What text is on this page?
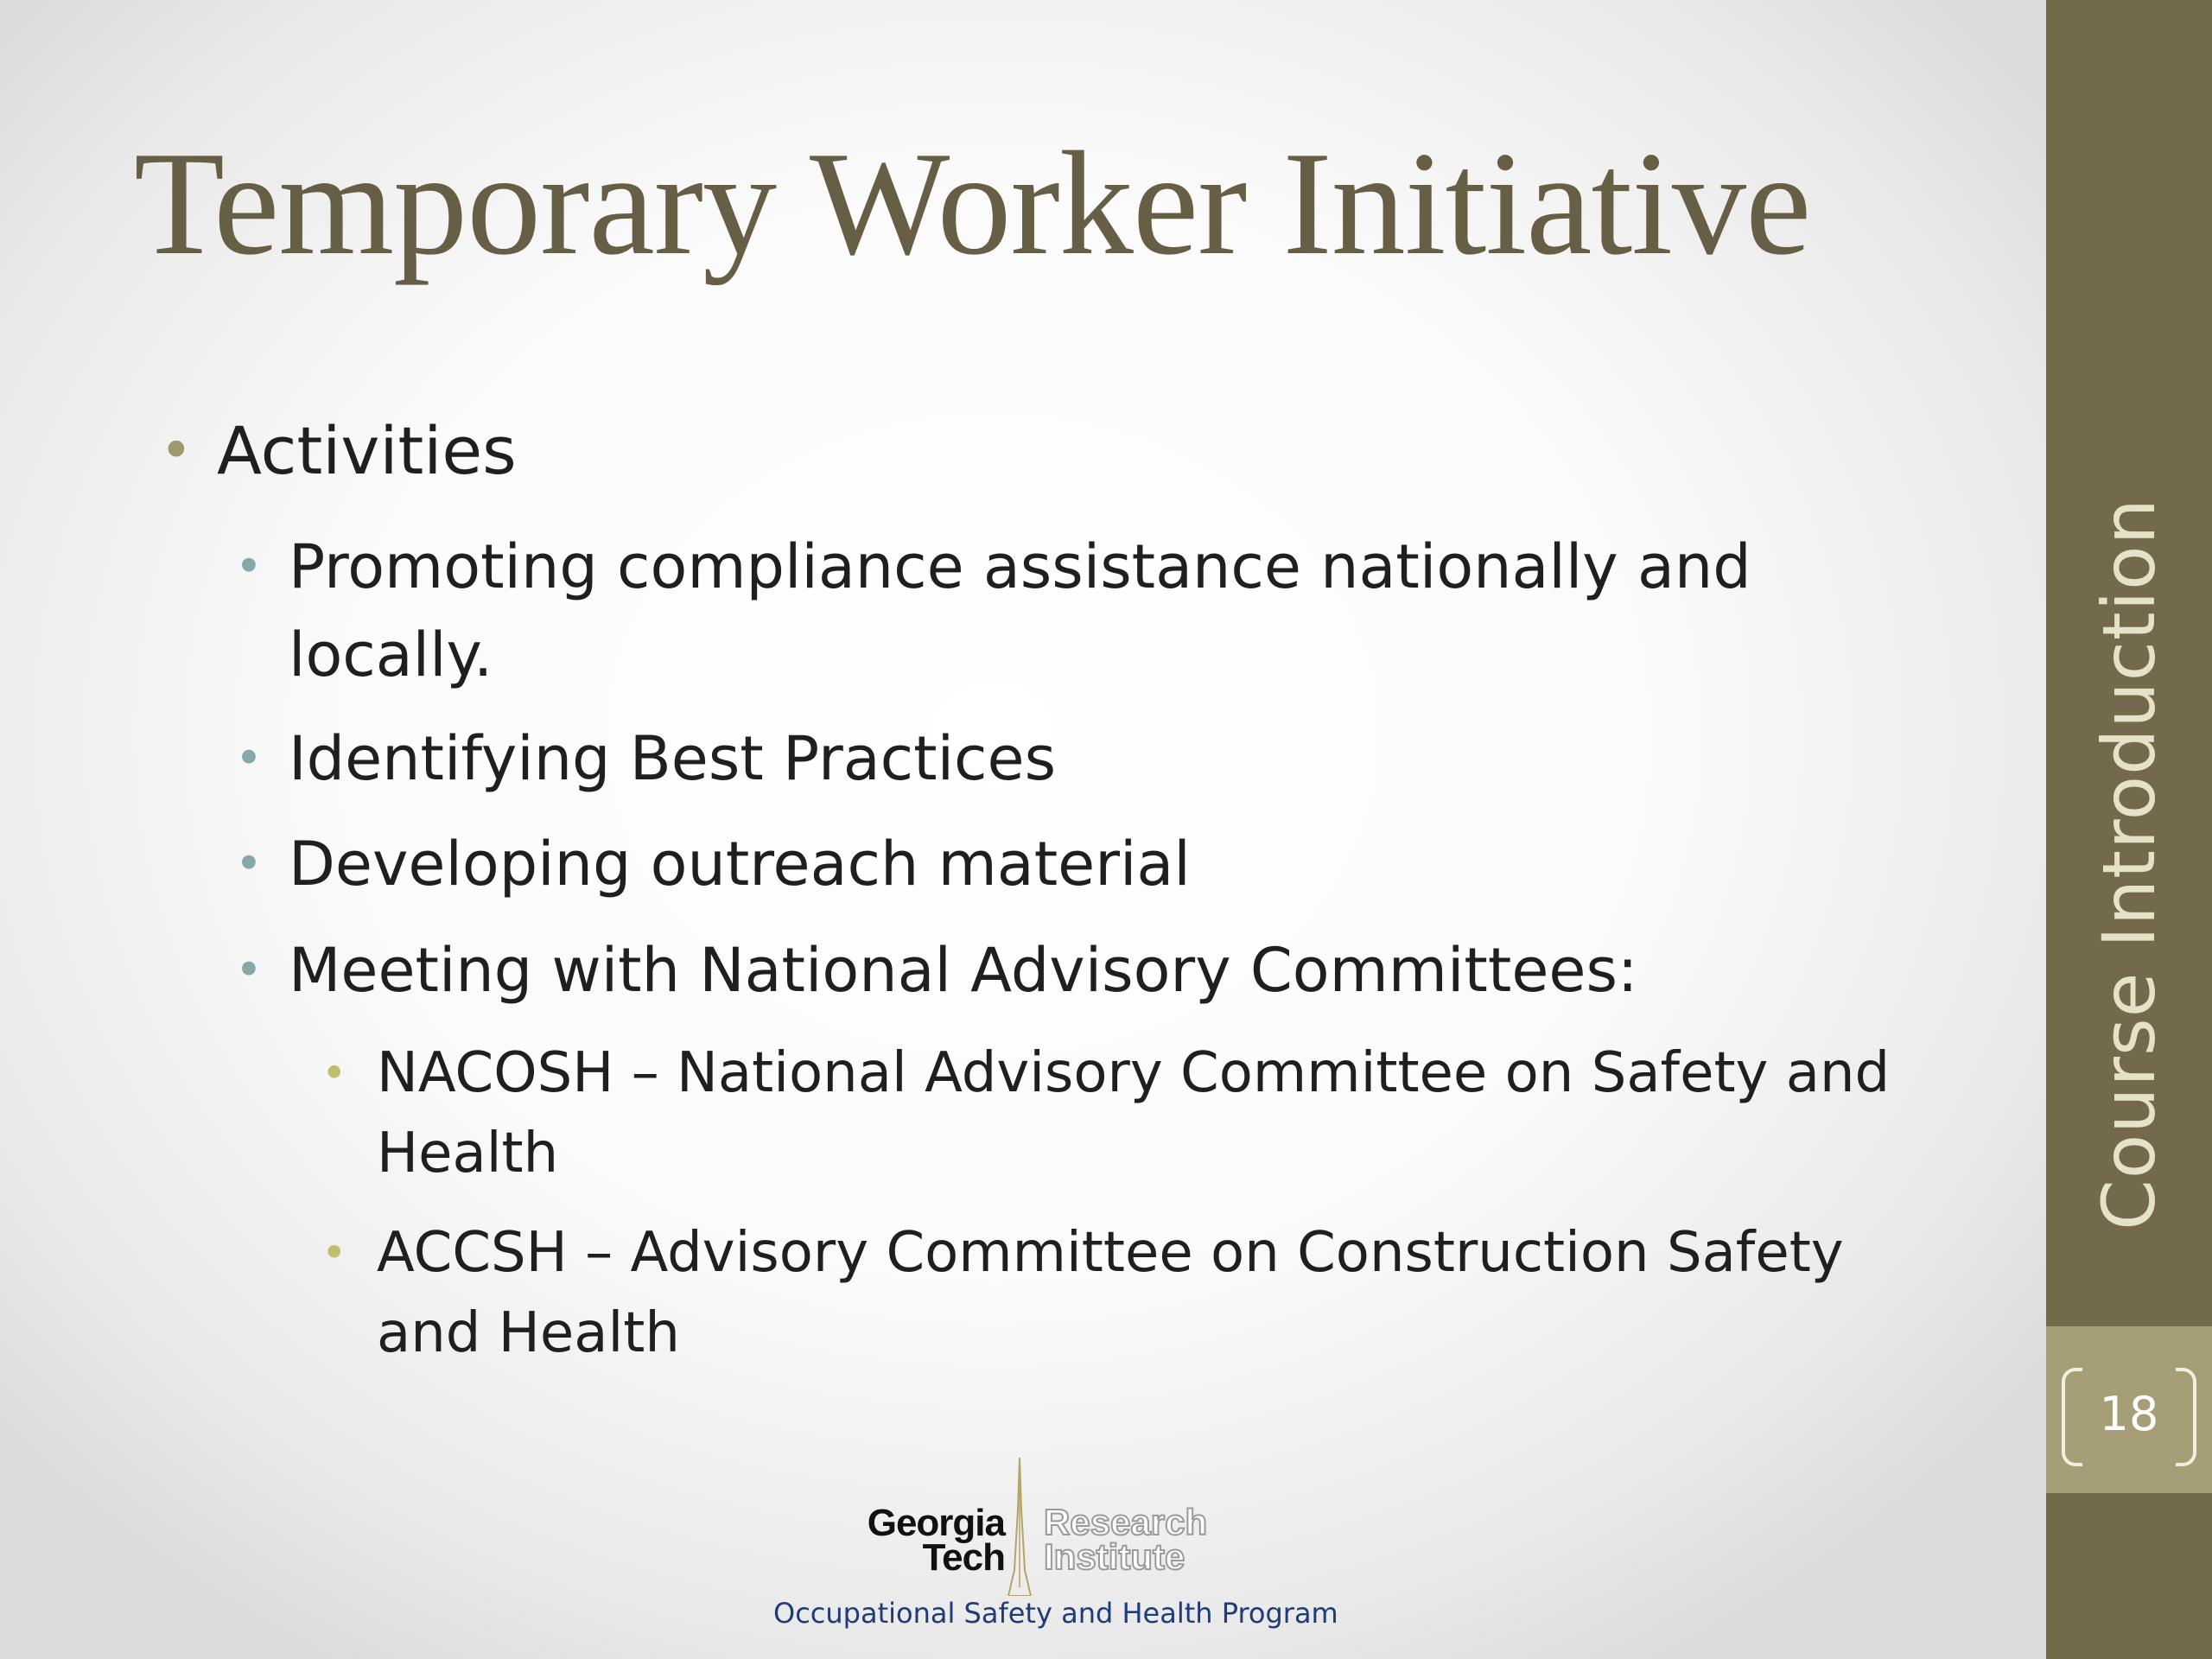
Temporary Worker Initiative
• Activities
• Promoting compliance assistance nationally and
locally.
• Identifying Best Practices
• Developing outreach material
• Meeting with National Advisory Committees:
• NACOSH – National Advisory Committee on Safety and
Health
• ACCSH – Advisory Committee on Construction Safety
and Health
Course Introduction
18
Georgia
Tech
Research
Institute
Occupational Safety and Health Program
